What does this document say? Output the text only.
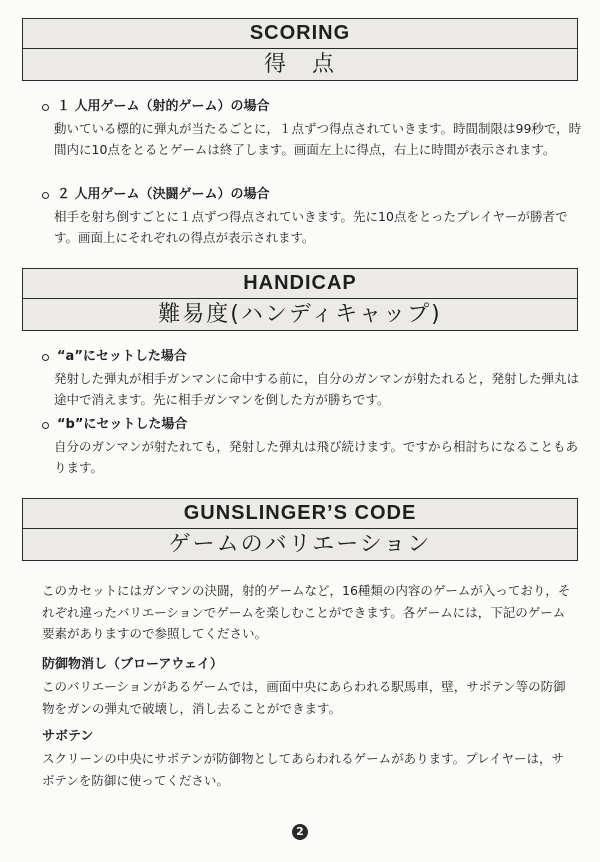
SCORING
得　点
１ 人用ゲーム（射的ゲーム）の場合

動いている標的に弾丸が当たるごとに，１点ずつ得点されていきます。時間制限は99秒で，時間内に10点をとるとゲームは終了します。画面左上に得点，右上に時間が表示されます。

２ 人用ゲーム（決闘ゲーム）の場合

相手を射ち倒すごとに１点ずつ得点されていきます。先に10点をとったプレイヤーが勝者です。画面上にそれぞれの得点が表示されます。

HANDICAP
難易度(ハンディキャップ)
“a”にセットした場合

発射した弾丸が相手ガンマンに命中する前に，自分のガンマンが射たれると，発射した弾丸は途中で消えます。先に相手ガンマンを倒した方が勝ちです。

“b”にセットした場合

自分のガンマンが射たれても，発射した弾丸は飛び続けます。ですから相討ちになることもあります。

GUNSLINGER’S CODE
ゲームのバリエーション

このカセットにはガンマンの決闘，射的ゲームなど，16種類の内容のゲームが入っており，それぞれ違ったバリエーションでゲームを楽しむことができます。各ゲームには，下記のゲーム要素がありますので参照してください。

防御物消し（ブローアウェイ）

このバリエーションがあるゲームでは，画面中央にあらわれる駅馬車，壁，サボテン等の防御物をガンの弾丸で破壊し，消し去ることができます。

サボテン

スクリーンの中央にサボテンが防御物としてあらわれるゲームがあります。プレイヤーは，サボテンを防御に使ってください。

2
